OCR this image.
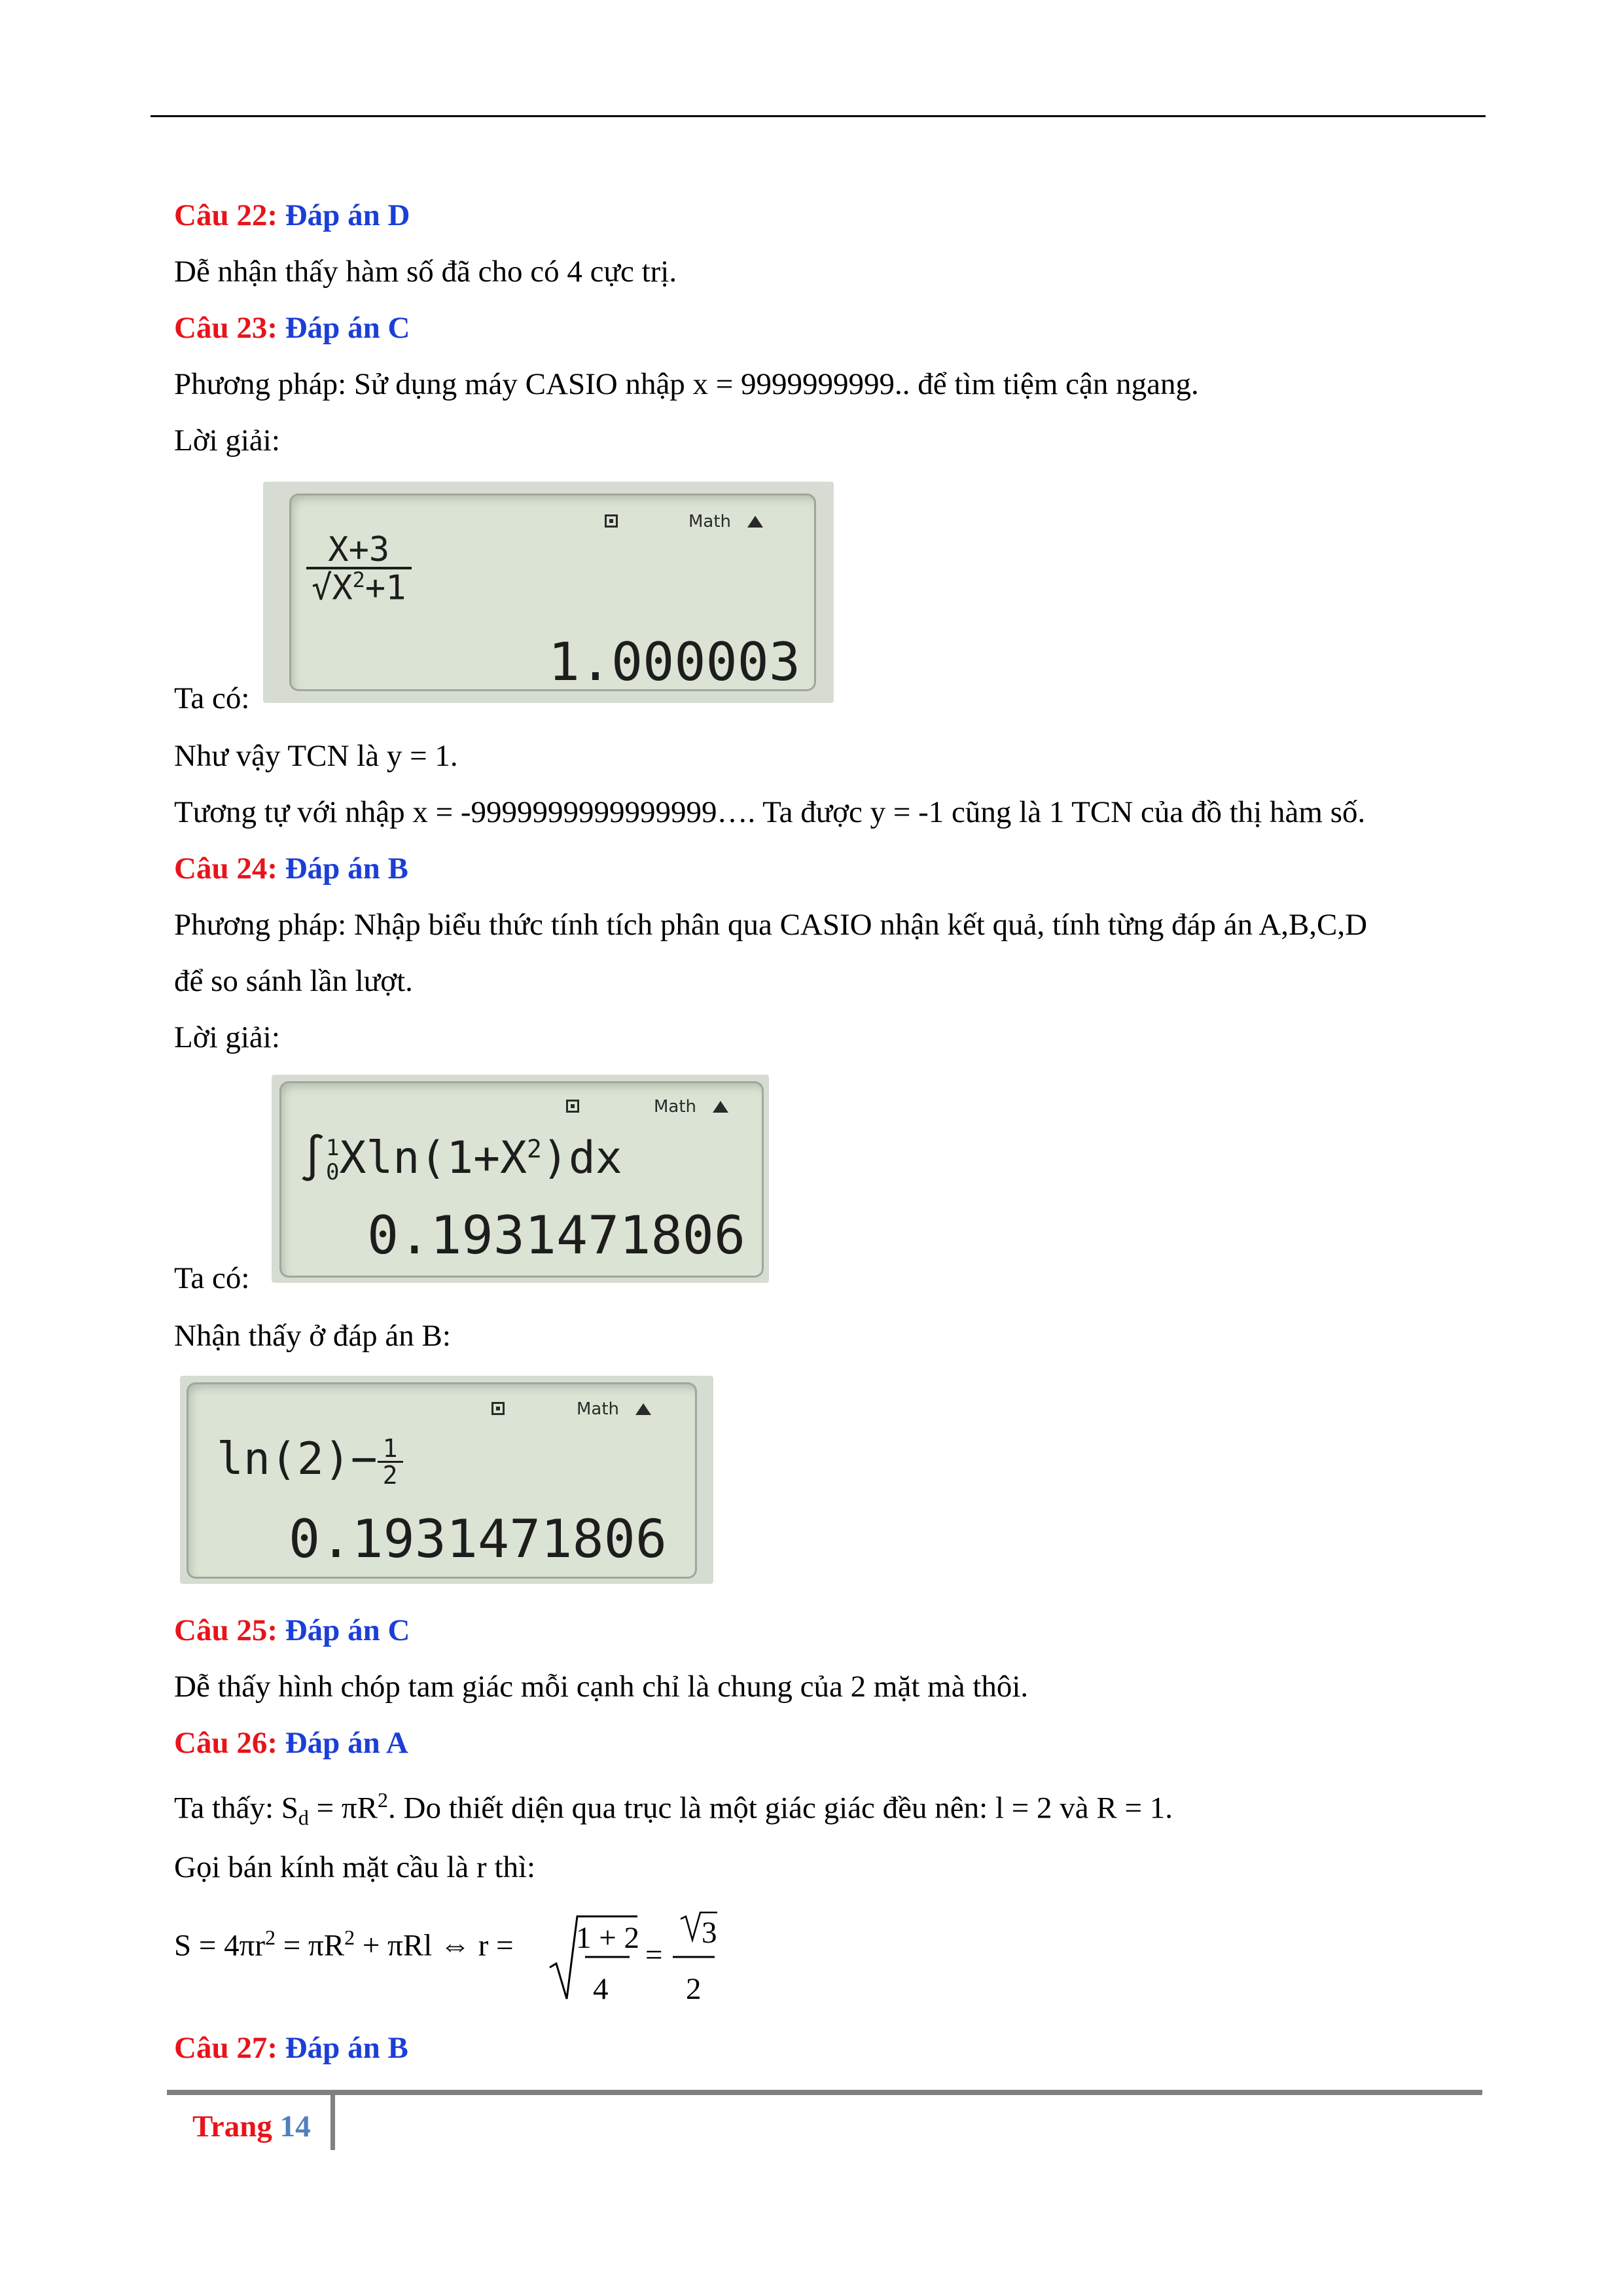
Câu 22: Đáp án D
Dễ nhận thấy hàm số đã cho có 4 cực trị.
Câu 23: Đáp án C
Phương pháp: Sử dụng máy CASIO nhập x = 9999999999.. để tìm tiệm cận ngang.
Lời giải:
Math
$\frac{X+3}{√X^2+1}$
1.000003
Ta có:
Như vậy TCN là y = 1.
Tương tự với nhập x = -9999999999999999…. Ta được y = -1 cũng là 1 TCN của đồ thị hàm số.
Câu 24: Đáp án B
Phương pháp: Nhập biểu thức tính tích phân qua CASIO nhận kết quả, tính từng đáp án A,B,C,D
để so sánh lần lượt.
Lời giải:
Math
∫ 1
0 $Xln(1+X^2)dx$
0.1931471806
Ta có:
Nhận thấy ở đáp án B:
Math
$\ln(2)- \frac{1}{2}$
0.1931471806
Câu 25: Đáp án C
Dễ thấy hình chóp tam giác mỗi cạnh chỉ là chung của 2 mặt mà thôi.
Câu 26: Đáp án A
Ta thấy: $S_d = \pi R^2$. Do thiết diện qua trục là một giác giác đều nên: l = 2 và R = 1.
Gọi bán kính mặt cầu là r thì:
$S = 4\pi r^2 = \pi R^2 + \pi Rl$ ⇔ r = 1 + 2
4
=
3
2
Câu 27: Đáp án B
Trang 14
